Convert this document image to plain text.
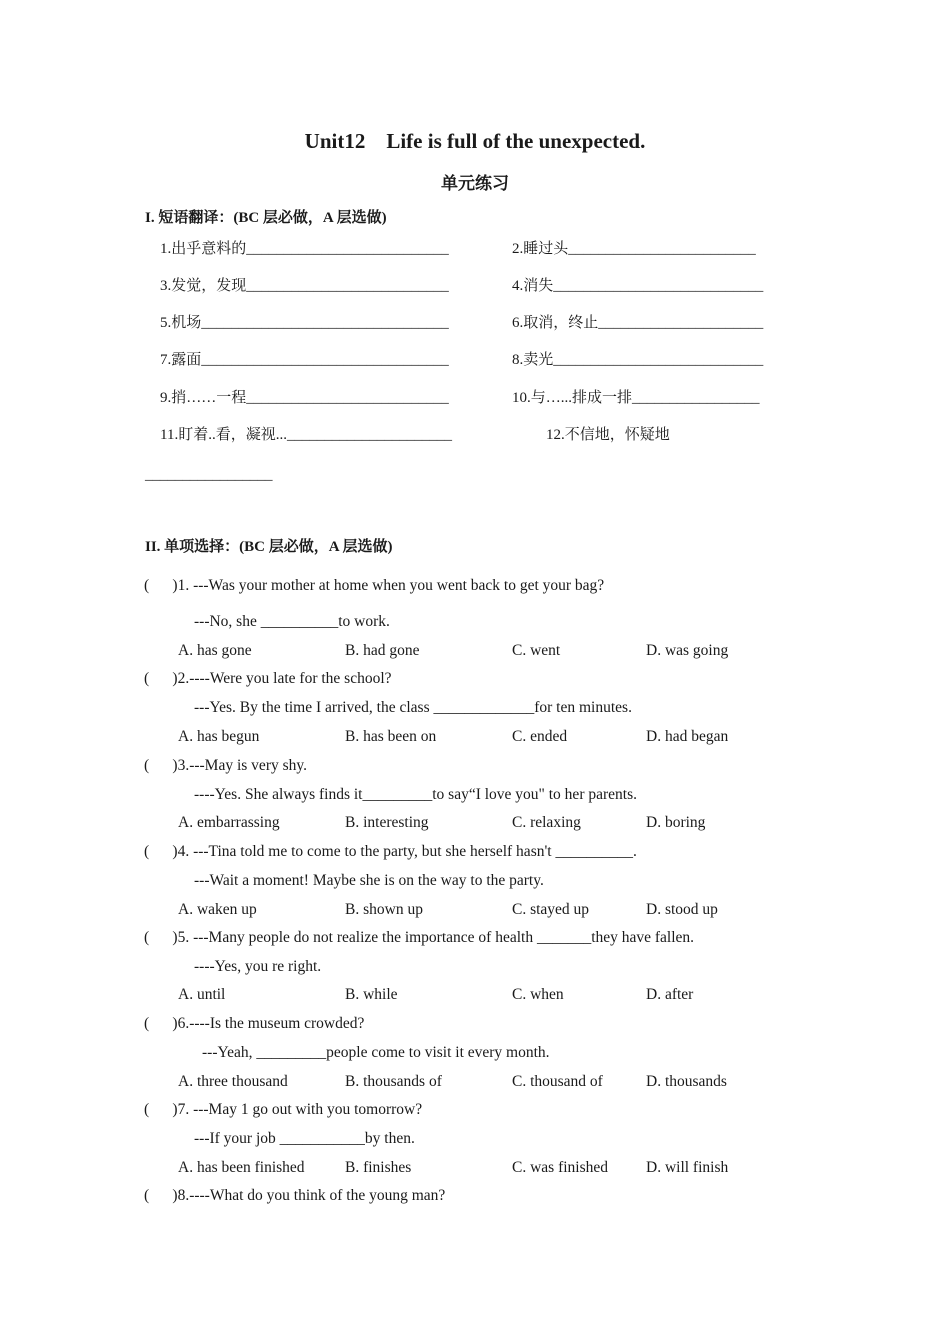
Unit12    Life is full of the unexpected.
单元练习
I. 短语翻译：(BC 层必做，A 层选做)
1.出乎意料的___________________________	2.睡过头_________________________
3.发觉，发现___________________________	4.消失____________________________
5.机场_________________________________	6.取消，终止______________________
7.露面_________________________________	8.卖光____________________________
9.捎……一程___________________________	10.与…...排成一排_________________
11.盯着..看，凝视...______________________	12.不信地，怀疑地
_________________
II. 单项选择：(BC 层必做，A 层选做)
(      )1. ---Was your mother at home when you went back to get your bag?
---No, she __________to work.
A. has gone	B. had gone	C. went	D. was going
(      )2.----Were you late for the school?
---Yes. By the time I arrived, the class _____________for ten minutes.
A. has begun	B. has been on	C. ended	D. had began
(      )3.---May is very shy.
----Yes. She always finds it_________to say“I love you" to her parents.
A. embarrassing	B. interesting	C. relaxing	D. boring
(      )4. ---Tina told me to come to the party, but she herself hasn't __________.
---Wait a moment! Maybe she is on the way to the party.
A. waken up	B. shown up	C. stayed up	D. stood up
(      )5. ---Many people do not realize the importance of health _______they have fallen.
----Yes, you re right.
A. until	B. while	C. when	D. after
(      )6.----Is the museum crowded?
---Yeah, _________people come to visit it every month.
A. three thousand	B. thousands of	C. thousand of	D. thousands
(      )7. ---May 1 go out with you tomorrow?
---If your job ___________by then.
A. has been finished	B. finishes	C. was finished D. will finish
(      )8.----What do you think of the young man?
